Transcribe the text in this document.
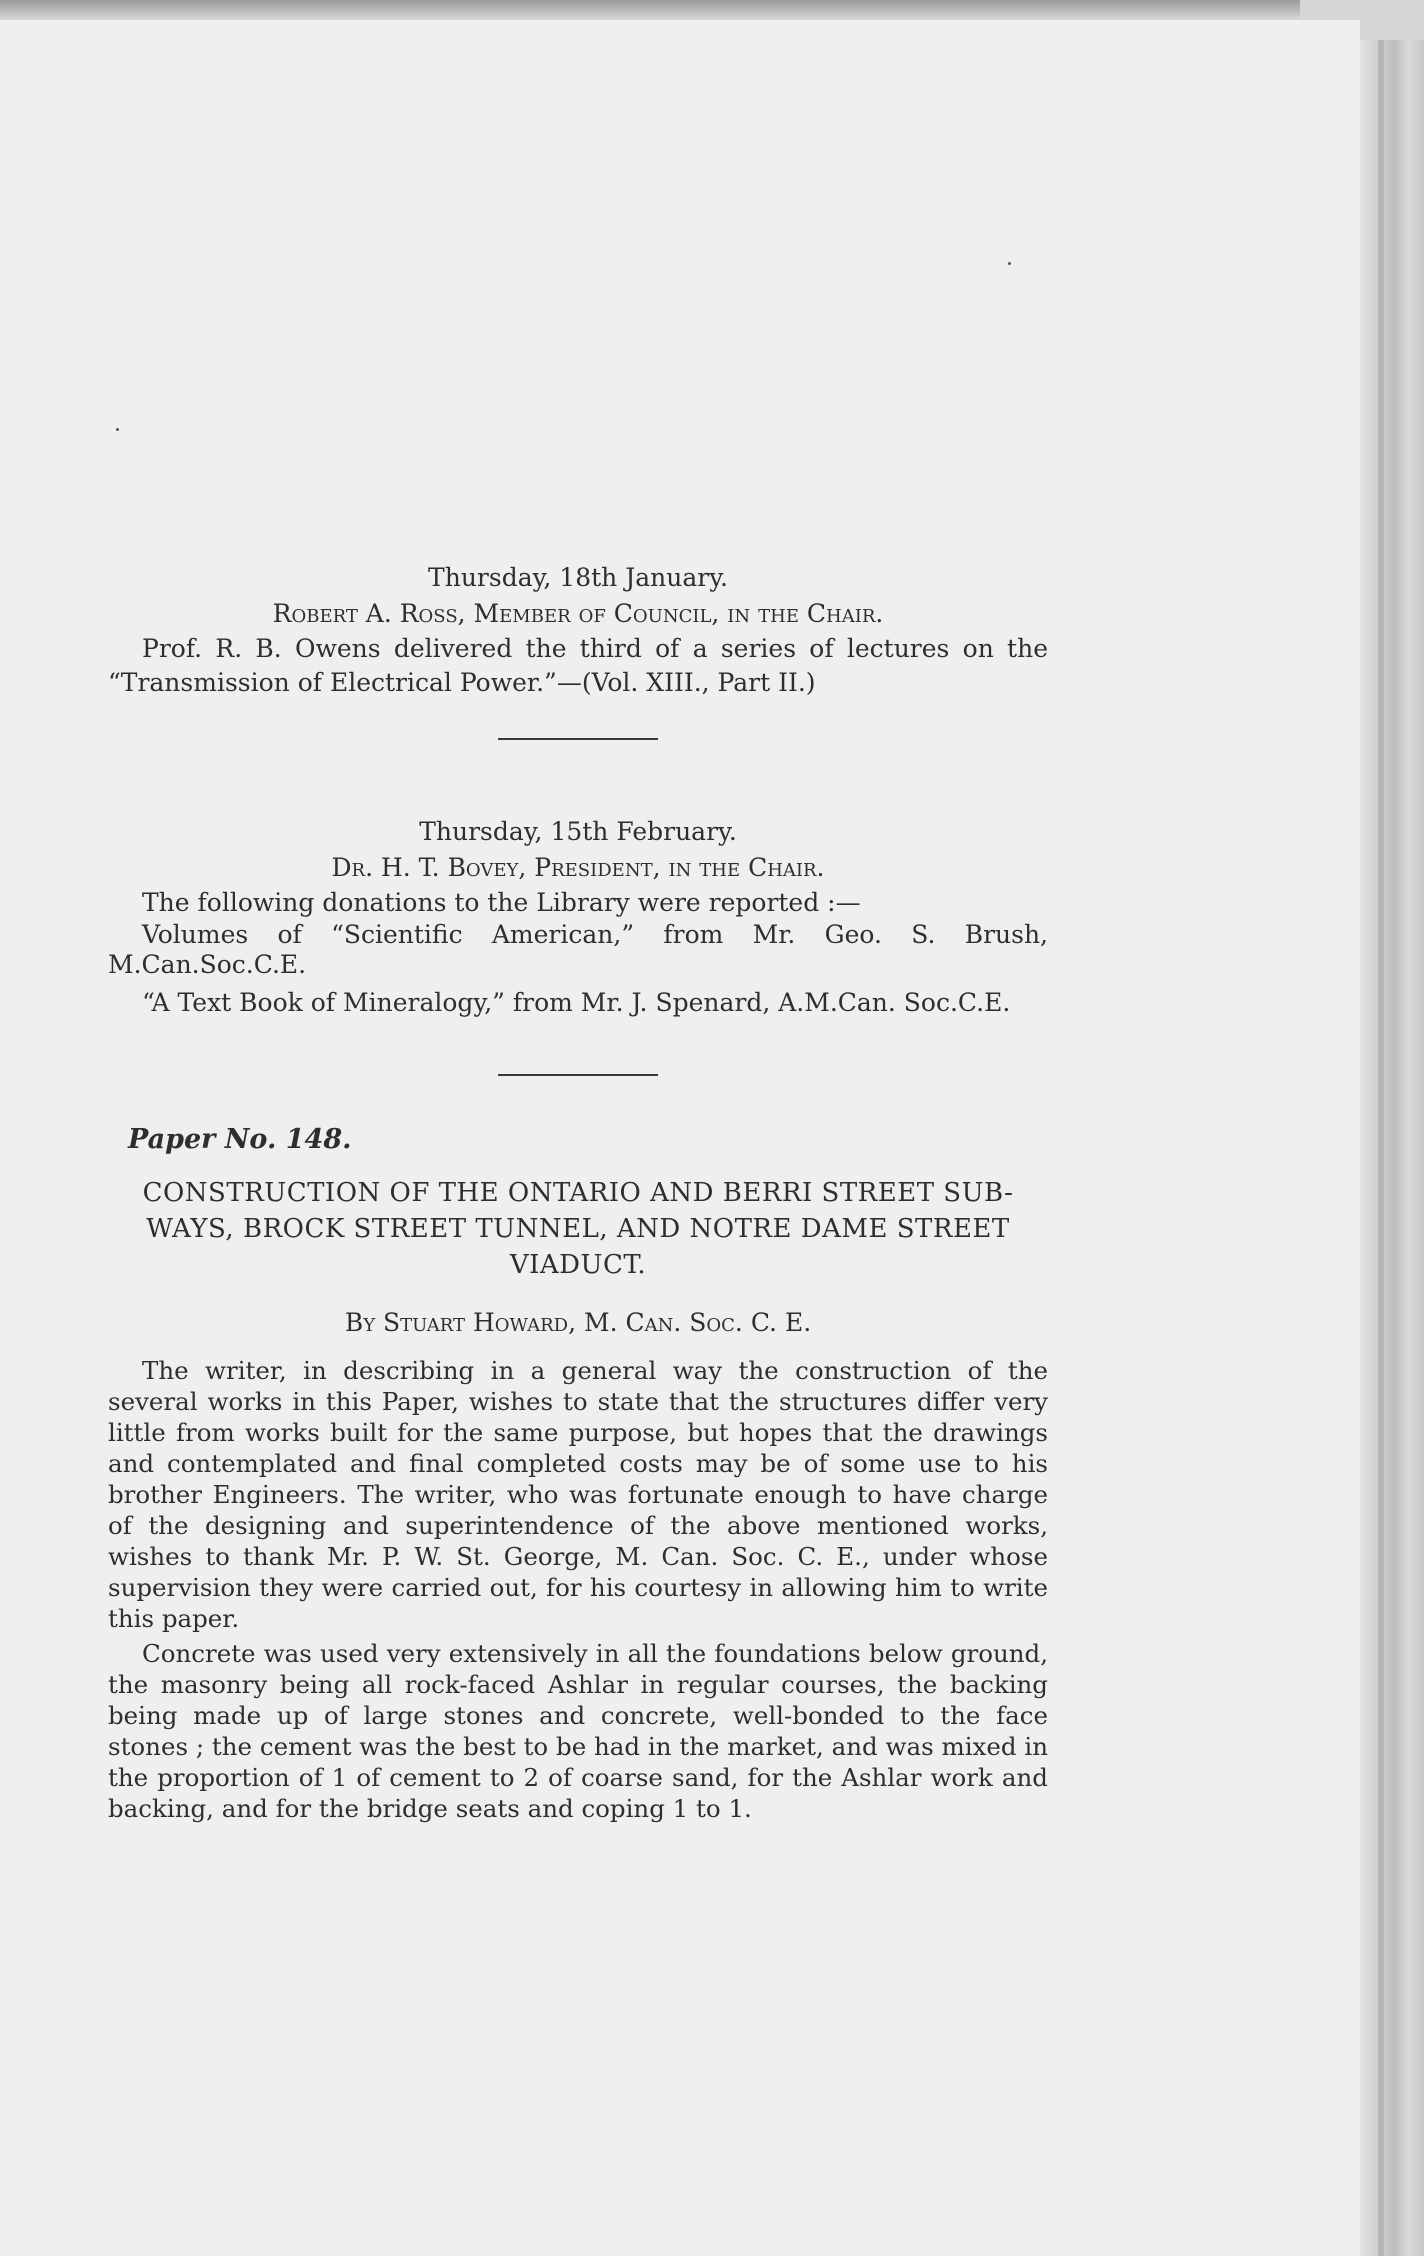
Thursday, 18th January.

Robert A. Ross, Member of Council, in the Chair.

Prof. R. B. Owens delivered the third of a series of lectures on the “Transmission of Electrical Power.”—(Vol. XIII., Part II.)

Thursday, 15th February.

Dr. H. T. Bovey, President, in the Chair.

The following donations to the Library were reported :—

Volumes of “Scientific American,” from Mr. Geo. S. Brush, M.Can.Soc.C.E.

“A Text Book of Mineralogy,” from Mr. J. Spenard, A.M.Can. Soc.C.E.

Paper No. 148.

CONSTRUCTION OF THE ONTARIO AND BERRI STREET SUB-WAYS, BROCK STREET TUNNEL, AND NOTRE DAME STREET VIADUCT.

By Stuart Howard, M. Can. Soc. C. E.

The writer, in describing in a general way the construction of the several works in this Paper, wishes to state that the structures differ very little from works built for the same purpose, but hopes that the drawings and contemplated and final completed costs may be of some use to his brother Engineers. The writer, who was fortunate enough to have charge of the designing and superintendence of the above mentioned works, wishes to thank Mr. P. W. St. George, M. Can. Soc. C. E., under whose supervision they were carried out, for his courtesy in allowing him to write this paper.

Concrete was used very extensively in all the foundations below ground, the masonry being all rock-faced Ashlar in regular courses, the backing being made up of large stones and concrete, well-bonded to the face stones ; the cement was the best to be had in the market, and was mixed in the proportion of 1 of cement to 2 of coarse sand, for the Ashlar work and backing, and for the bridge seats and coping 1 to 1.
